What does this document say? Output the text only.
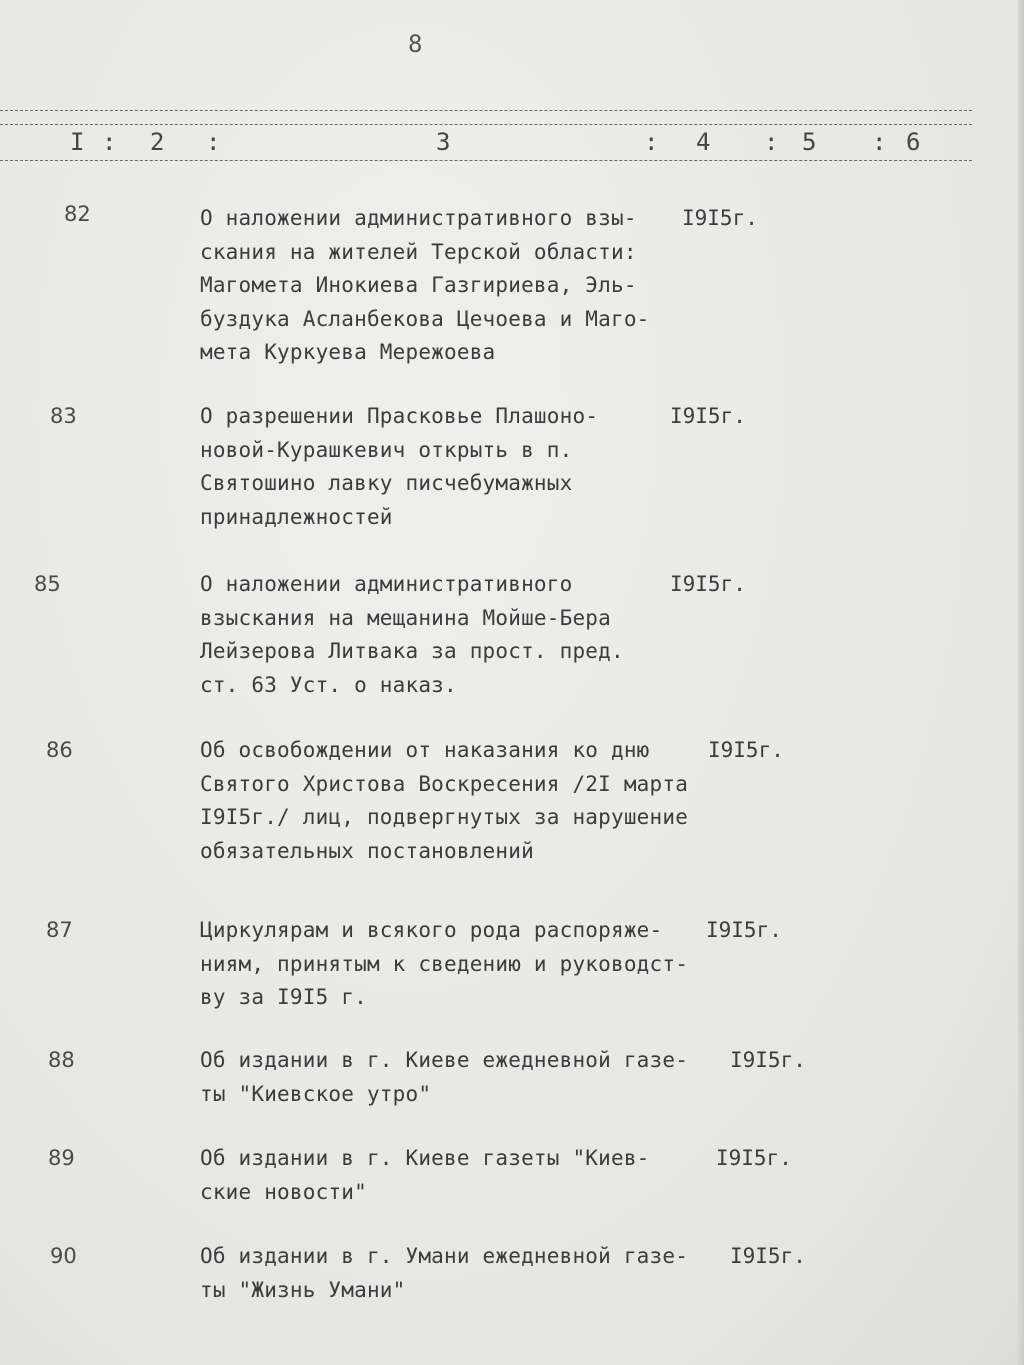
8
I : 2 :	3	: 4 : 5 : 6
82	О наложении административного взы-
скания на жителей Терской области:
Магомета Инокиева Газгириева, Эль-
буздука Асланбекова Цечоева и Маго-
мета Куркуева Мережоева
I9I5г.
83	О разрешении Прасковье Плашоно-
новой-Курашкевич открыть в п.
Святошино лавку писчебумажных
принадлежностей
I9I5г.
85	О наложении административного
взыскания на мещанина Мойше-Бера
Лейзерова Литвака за прост. пред.
ст. 63 Уст. о наказ.
I9I5г.
86	Об освобождении от наказания ко дню
Святого Христова Воскресения /2I марта
I9I5г./ лиц, подвергнутых за нарушение
обязательных постановлений
I9I5г.
87	Циркулярам и всякого рода распоряже-
ниям, принятым к сведению и руководст-
ву за I9I5 г.
I9I5г.
88	Об издании в г. Киеве ежедневной газе-
ты "Киевское утро"
I9I5г.
89	Об издании в г. Киеве газеты "Киев-
ские новости"
I9I5г.
90	Об издании в г. Умани ежедневной газе-
ты "Жизнь Умани"
I9I5г.
